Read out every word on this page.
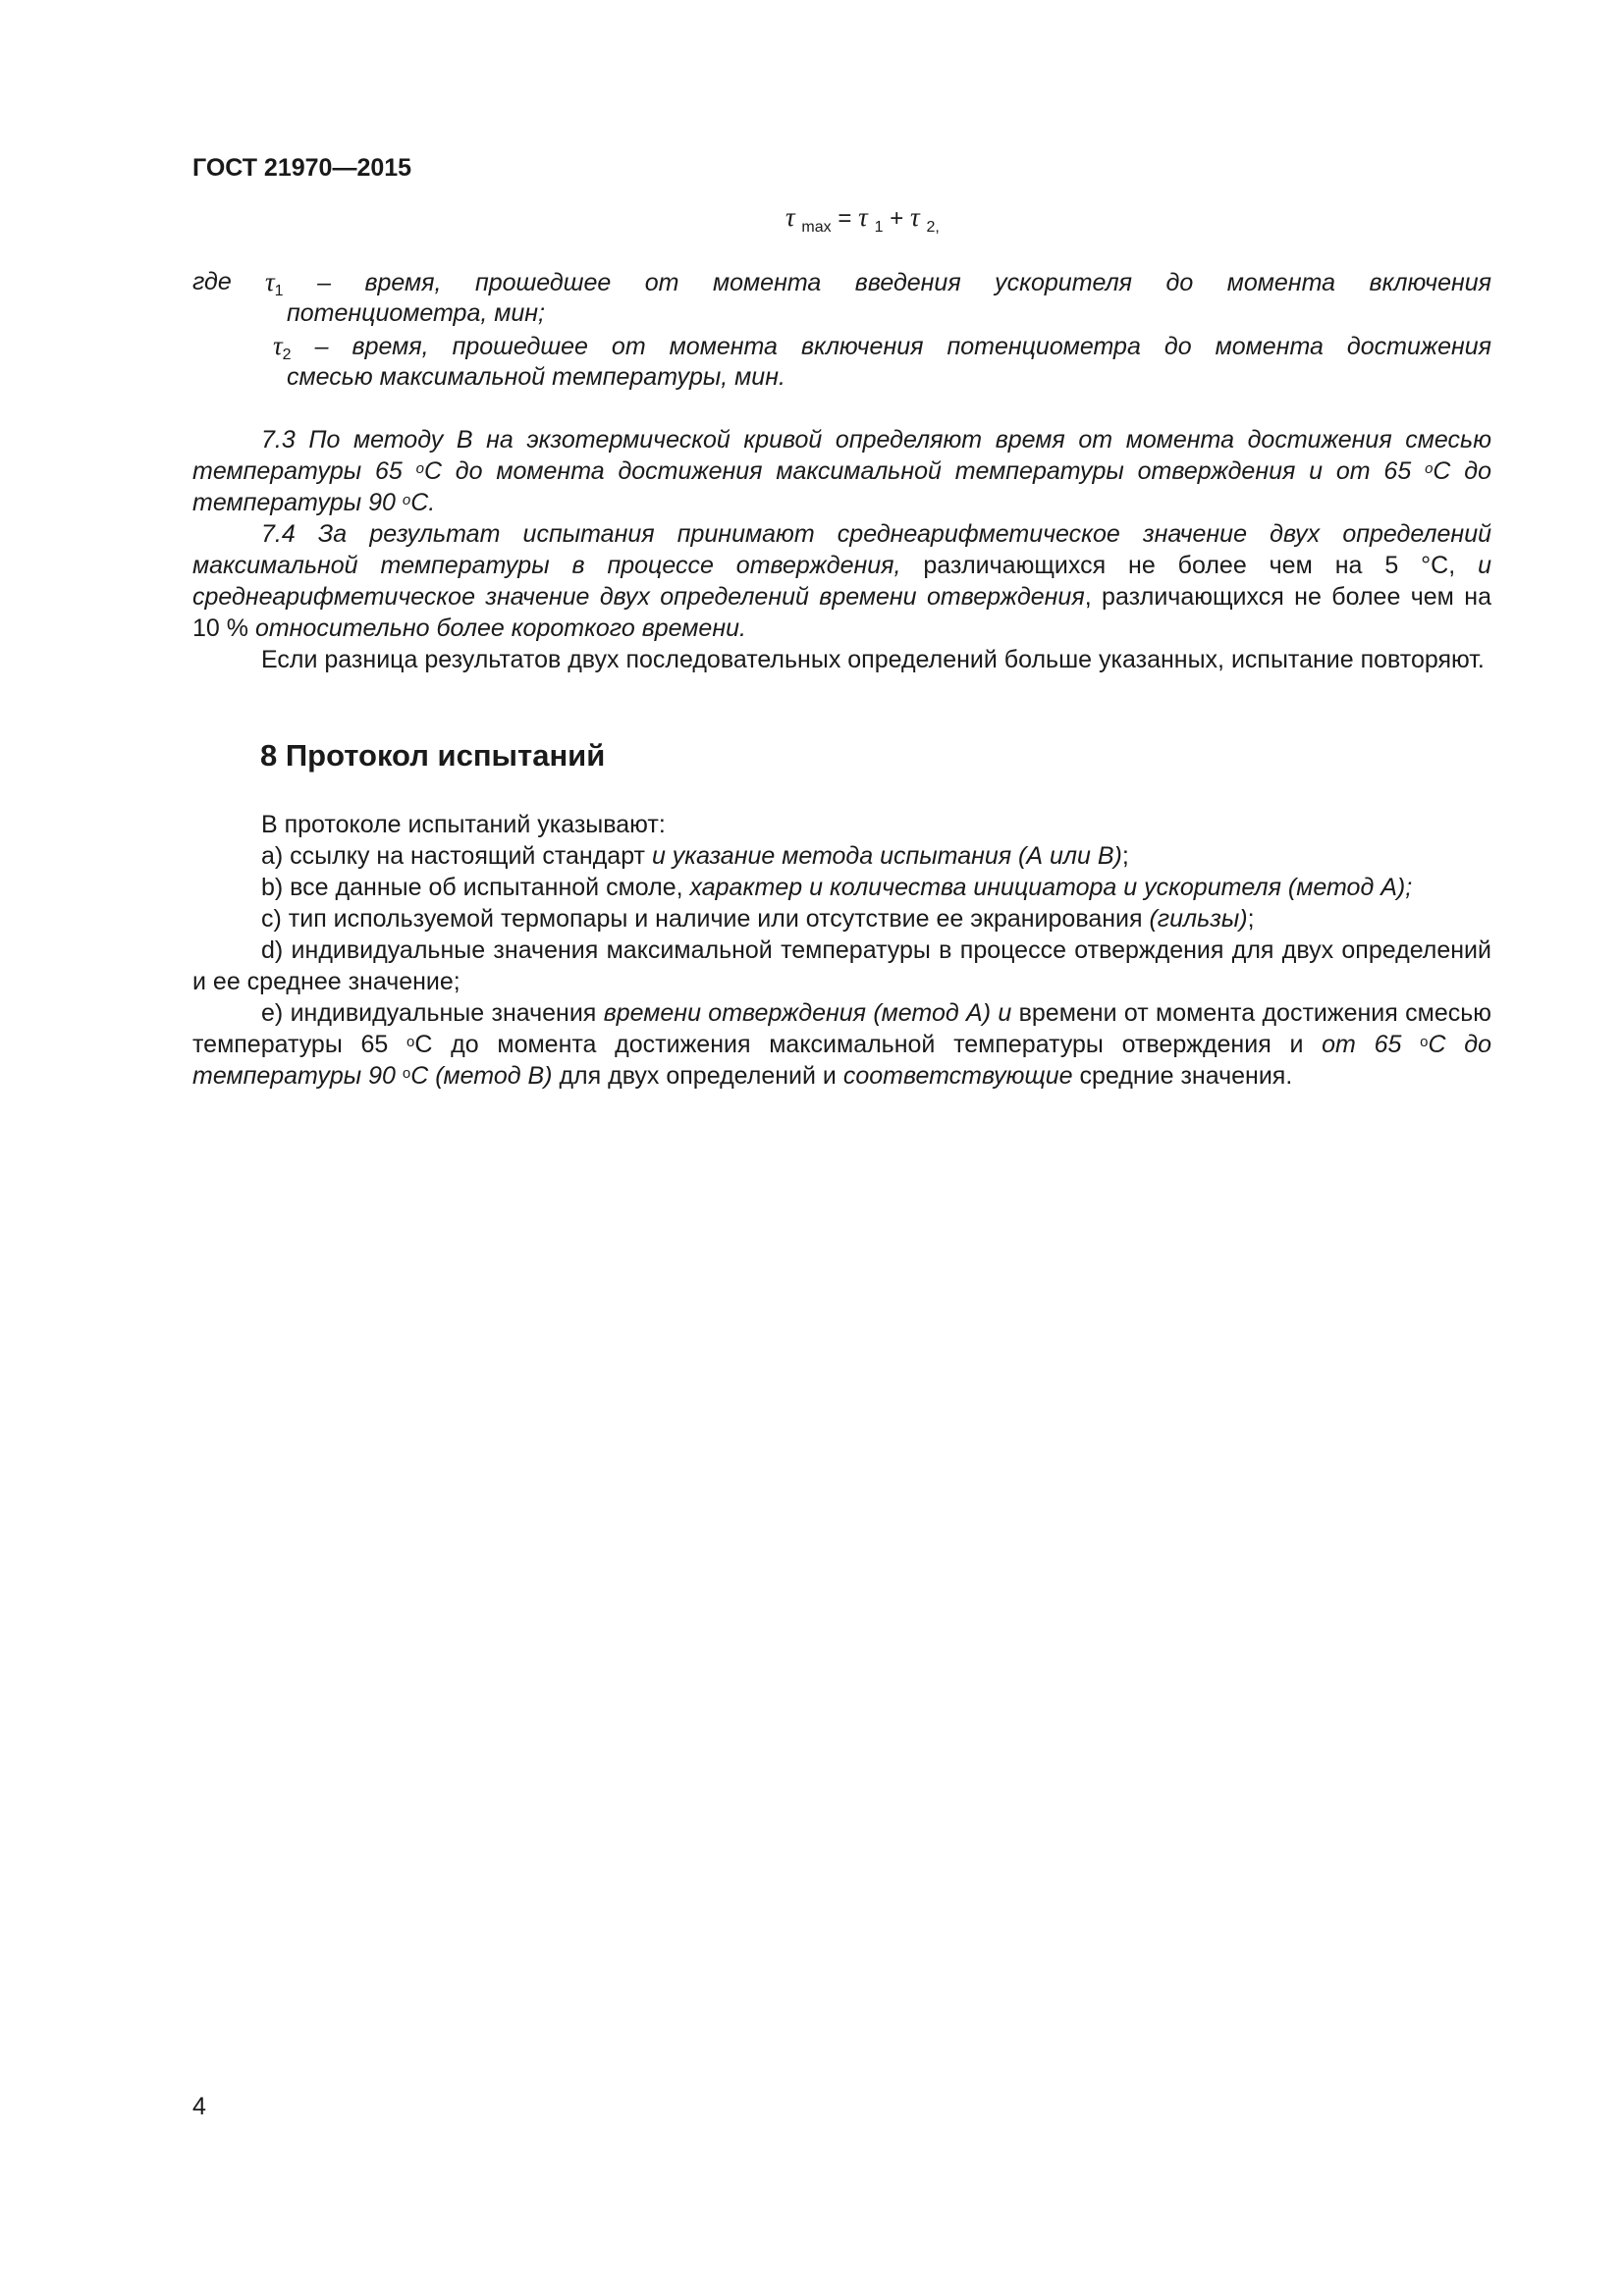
ГОСТ 21970—2015
τ $_{max}$ = τ $_1$ + τ $_{2,}$
где $\tau_1$ – время, прошедшее от момента введения ускорителя до момента включения
потенциометра, мин;
$\tau_2$ – время, прошедшее от момента включения потенциометра до момента достижения
смесью максимальной температуры, мин.

7.3 По методу В на экзотермической кривой определяют время от момента достижения смесью температуры 65 $^o$С до момента достижения максимальной температуры отверждения и от 65 $^o$С до температуры 90 $^o$С.

7.4 За результат испытания принимают среднеарифметическое значение двух определений максимальной температуры в процессе отверждения, различающихся не более чем на 5 °С, и среднеарифметическое значение двух определений времени отверждения, различающихся не более чем на 10 % относительно более короткого времени.

Если разница результатов двух последовательных определений больше указанных, испытание повторяют.

8 Протокол испытаний

В протоколе испытаний указывают:

a) ссылку на настоящий стандарт и указание метода испытания (А или В);

b) все данные об испытанной смоле, характер и количества инициатора и ускорителя (метод А);

c) тип используемой термопары и наличие или отсутствие ее экранирования (гильзы);

d) индивидуальные значения максимальной температуры в процессе отверждения для двух определений и ее среднее значение;

e) индивидуальные значения времени отверждения (метод А) и времени от момента достижения смесью температуры 65 $^o$С до момента достижения максимальной температуры отверждения и от 65 $^o$С до температуры 90 $^o$С (метод В) для двух определений и соответствующие средние значения.

4
